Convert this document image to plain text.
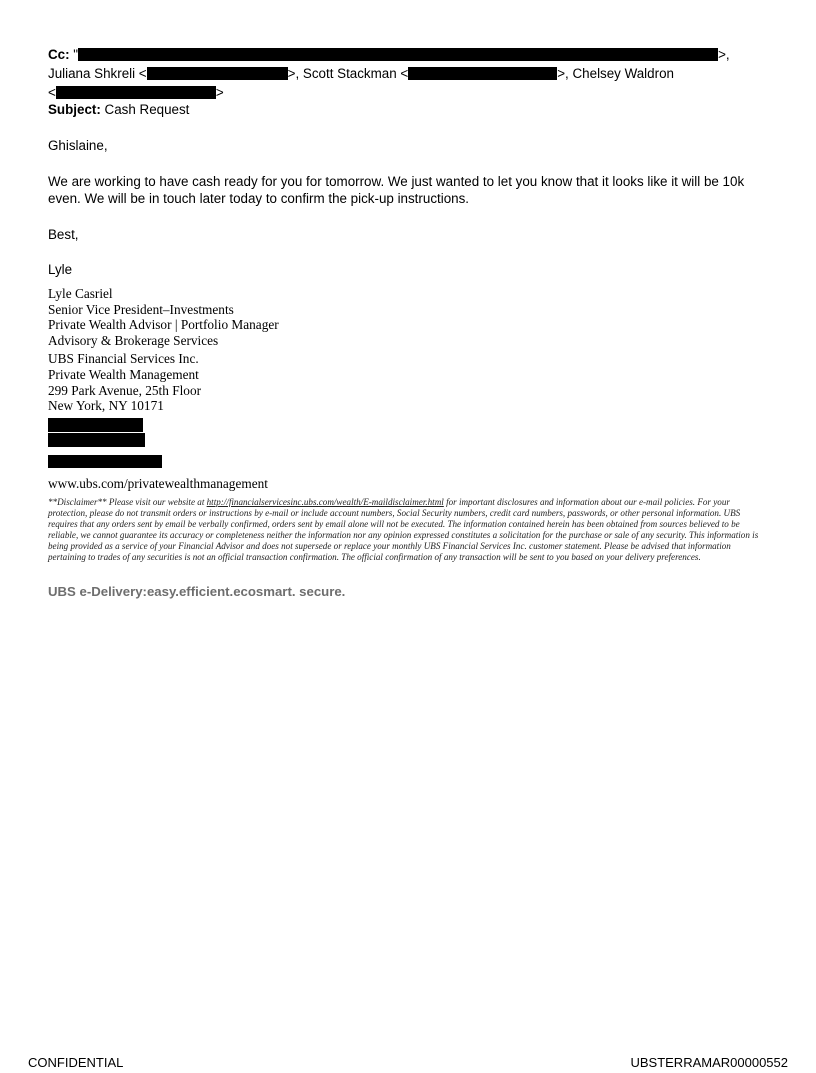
Cc: "	>,
Juliana Shkreli <	>, Scott Stackman <	>, Chelsey Waldron
<	>
Subject: Cash Request
Ghislaine,
We are working to have cash ready for you for tomorrow. We just wanted to let you know that it looks like it will be 10k
even. We will be in touch later today to confirm the pick-up instructions.
Best,
Lyle
Lyle Casriel
Senior Vice President–Investments
Private Wealth Advisor | Portfolio Manager
Advisory & Brokerage Services
UBS Financial Services Inc.
Private Wealth Management
299 Park Avenue, 25th Floor
New York, NY 10171
www.ubs.com/privatewealthmanagement
**Disclaimer** Please visit our website at http://financialservicesinc.ubs.com/wealth/E-maildisclaimer.html for important disclosures and information about our e-mail policies. For your protection, please do not transmit orders or instructions by e-mail or include account numbers, Social Security numbers, credit card numbers, passwords, or other personal information. UBS requires that any orders sent by email be verbally confirmed, orders sent by email alone will not be executed. The information contained herein has been obtained from sources believed to be reliable, we cannot guarantee its accuracy or completeness neither the information nor any opinion expressed constitutes a solicitation for the purchase or sale of any security. This information is being provided as a service of your Financial Advisor and does not supersede or replace your monthly UBS Financial Services Inc. customer statement. Please be advised that information pertaining to trades of any securities is not an official transaction confirmation. The official confirmation of any transaction will be sent to you based on your delivery preferences.
UBS e-Delivery:easy.efficient.ecosmart. secure.
CONFIDENTIAL	UBSTERRAMAR00000552
